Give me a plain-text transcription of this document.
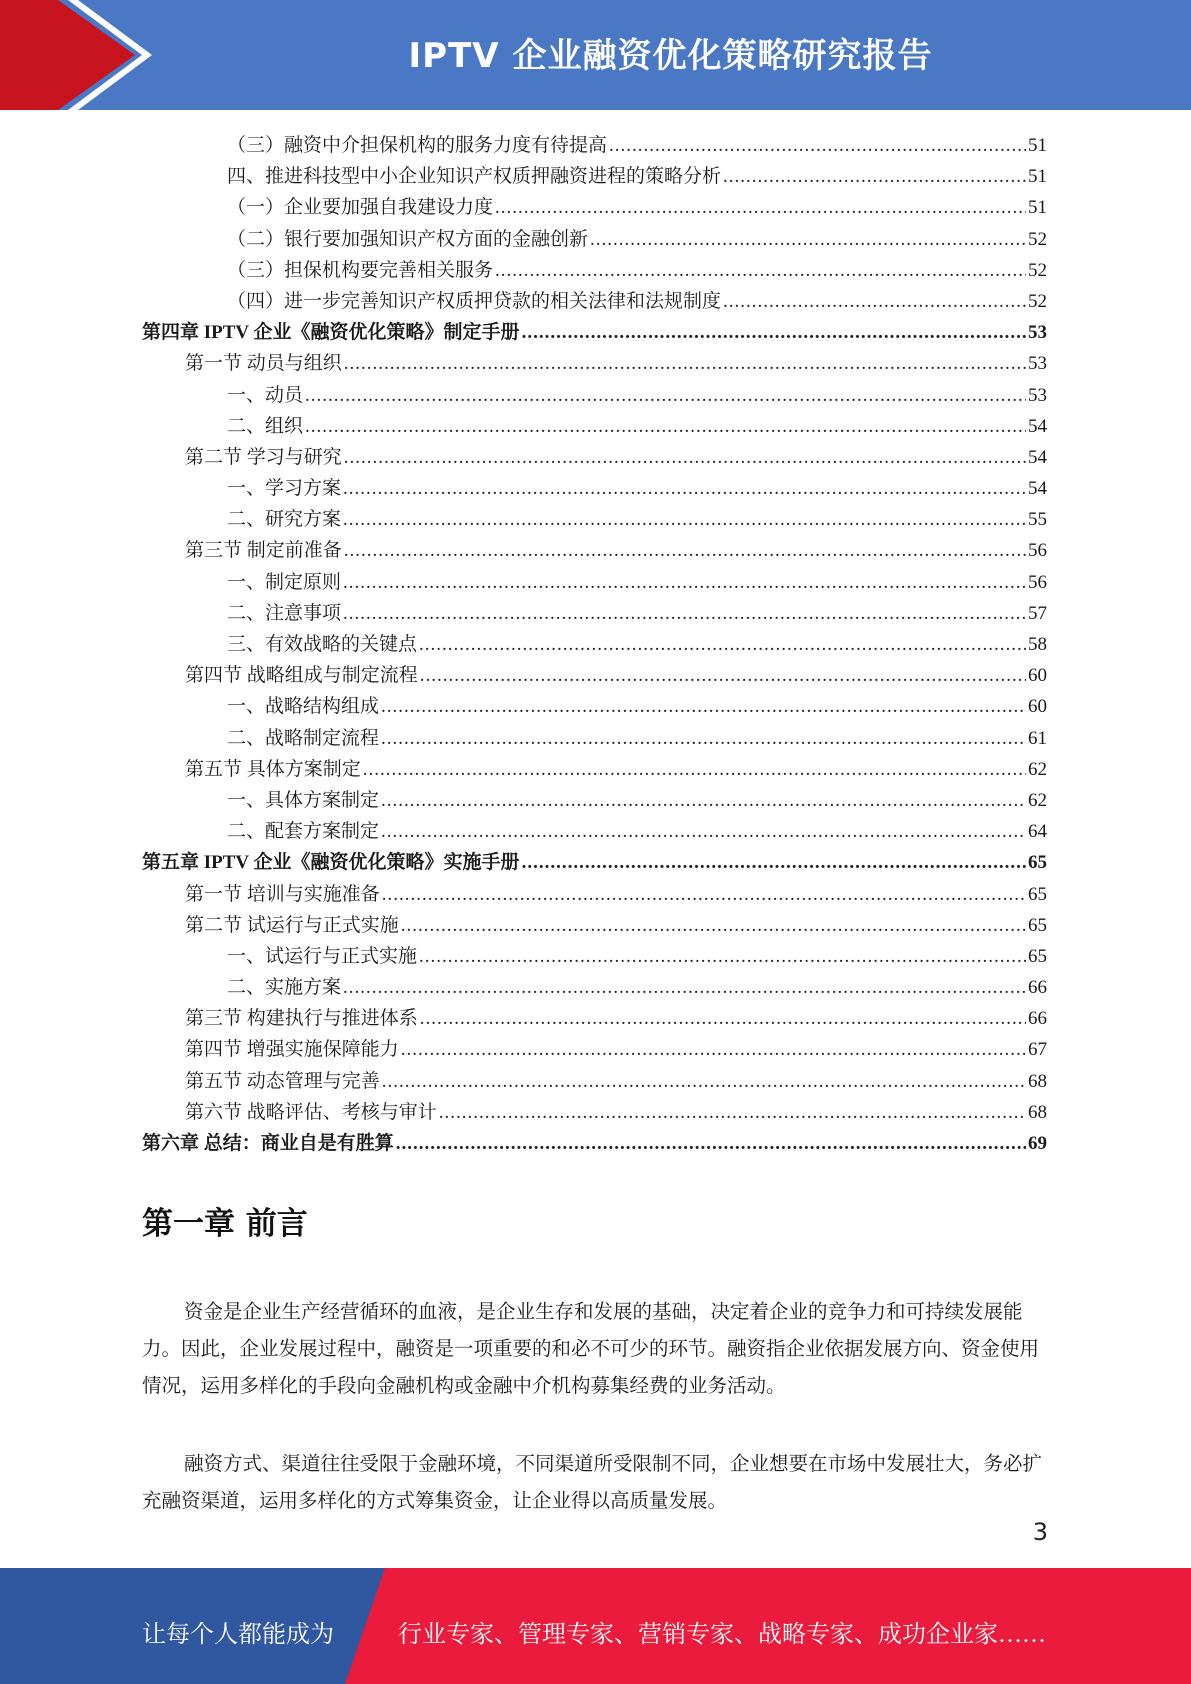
IPTV 企业融资优化策略研究报告
（三）融资中介担保机构的服务力度有待提高 .....	51
四、推进科技型中小企业知识产权质押融资进程的策略分析 .....	51
（一）企业要加强自我建设力度 .....	51
（二）银行要加强知识产权方面的金融创新 .....	52
（三）担保机构要完善相关服务 .....	52
（四）进一步完善知识产权质押贷款的相关法律和法规制度 .....	52
第四章 IPTV 企业《融资优化策略》制定手册 .....	53
第一节 动员与组织 .....	53
一、动员 .....	53
二、组织 .....	54
第二节 学习与研究 .....	54
一、学习方案 .....	54
二、研究方案 .....	55
第三节 制定前准备 .....	56
一、制定原则 .....	56
二、注意事项 .....	57
三、有效战略的关键点 .....	58
第四节 战略组成与制定流程 .....	60
一、战略结构组成 .....	60
二、战略制定流程 .....	61
第五节 具体方案制定 .....	62
一、具体方案制定 .....	62
二、配套方案制定 .....	64
第五章 IPTV 企业《融资优化策略》实施手册 .....	65
第一节 培训与实施准备 .....	65
第二节 试运行与正式实施 .....	65
一、试运行与正式实施 .....	65
二、实施方案 .....	66
第三节 构建执行与推进体系 .....	66
第四节 增强实施保障能力 .....	67
第五节 动态管理与完善 .....	68
第六节 战略评估、考核与审计 .....	68
第六章 总结：商业自是有胜算 .....	69
第一章 前言

资金是企业生产经营循环的血液，是企业生存和发展的基础，决定着企业的竞争力和可持续发展能力。因此，企业发展过程中，融资是一项重要的和必不可少的环节。融资指企业依据发展方向、资金使用情况，运用多样化的手段向金融机构或金融中介机构募集经费的业务活动。

融资方式、渠道往往受限于金融环境，不同渠道所受限制不同，企业想要在市场中发展壮大，务必扩充融资渠道，运用多样化的方式筹集资金，让企业得以高质量发展。

3
让每个人都能成为	行业专家、管理专家、营销专家、战略专家、成功企业家……
